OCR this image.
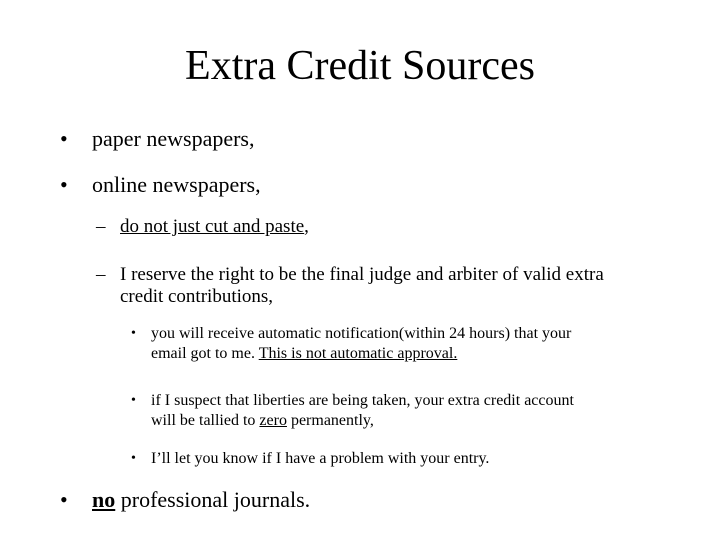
Extra Credit Sources
• paper newspapers,
• online newspapers,
– do not just cut and paste,
– I reserve the right to be the final judge and arbiter of valid extra
credit contributions,
• you will receive automatic notification(within 24 hours) that your
email got to me. This is not automatic approval.
• if I suspect that liberties are being taken, your extra credit account
will be tallied to zero permanently,
• I’ll let you know if I have a problem with your entry.
• no professional journals.
